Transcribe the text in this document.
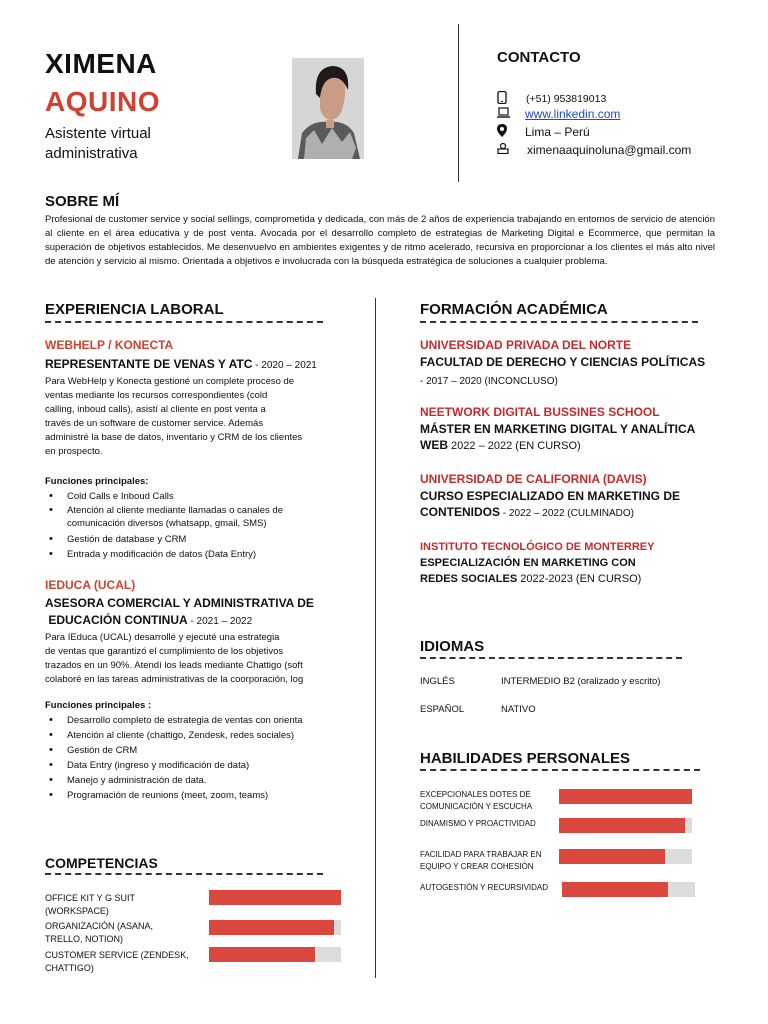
XIMENA
AQUINO
Asistente virtual
administrativa
CONTACTO
(+51) 953819013
www.linkedin.com
Lima – Perú
ximenaaquinoluna@gmail.com
SOBRE MÍ
Profesional de customer service y social sellings, comprometida y dedicada, con más de 2 años de experiencia trabajando en entornos de servicio de atención al cliente en el área educativa y de post venta. Avocada por el desarrollo completo de estrategias de Marketing Digital e Ecommerce, que permitan la superación de objetivos establecidos. Me desenvuelvo en ambientes exigentes y de ritmo acelerado, recursiva en proporcionar a los clientes el más alto nivel de atención y servicio al mismo. Orientada a objetivos e involucrada con la búsqueda estratégica de soluciones a cualquier problema.
EXPERIENCIA LABORAL
WEBHELP / KONECTA
REPRESENTANTE DE VENAS Y ATC - 2020 – 2021
Para WebHelp y Konecta gestioné un complete proceso de
ventas mediante los recursos correspondientes (cold
calling, inboud calls), asistí al cliente en post venta a
través de un software de customer service. Además
administré la base de datos, inventario y CRM de los clientes
en prospecto.
Funciones principales:
• Cold Calls e Inboud Calls
• Atención al cliente mediante llamadas o canales de comunicación diversos (whatsapp, gmail, SMS)
• Gestión de database y CRM
• Entrada y modificación de datos (Data Entry)
IEDUCA (UCAL)
ASESORA COMERCIAL Y ADMINISTRATIVA DE
EDUCACIÓN CONTINUA - 2021 – 2022
Para IEduca (UCAL) desarrollé y ejecuté una estrategia
de ventas que garantizó el cumplimiento de los objetivos
trazados en un 90%. Atendí los leads mediante Chattigo (soft
colaboré en las tareas administrativas de la coorporación, log
Funciones principales :
• Desarrollo completo de estrategia de ventas con orienta
• Atención al cliente (chattigo, Zendesk, redes sociales)
• Gestión de CRM
• Data Entry (ingreso y modificación de data)
• Manejo y administración de data.
• Programación de reunions (meet, zoom, teams)
COMPETENCIAS
OFFICE KIT Y G SUIT
(WORKSPACE)
ORGANIZACIÓN (ASANA,
TRELLO, NOTION)
CUSTOMER SERVICE (ZENDESK,
CHATTIGO)
FORMACIÓN ACADÉMICA
UNIVERSIDAD PRIVADA DEL NORTE
FACULTAD DE DERECHO Y CIENCIAS POLÍTICAS - 2017 – 2020 (INCONCLUSO)
NEETWORK DIGITAL BUSSINES SCHOOL
MÁSTER EN MARKETING DIGITAL Y ANALÍTICA WEB 2022 – 2022 (EN CURSO)
UNIVERSIDAD DE CALIFORNIA (DAVIS)
CURSO ESPECIALIZADO EN MARKETING DE CONTENIDOS - 2022 – 2022 (CULMINADO)
INSTITUTO TECNOLÓGICO DE MONTERREY
ESPECIALIZACIÓN EN MARKETING CON REDES SOCIALES 2022-2023 (EN CURSO)
IDIOMAS
INGLÉS	INTERMEDIO B2 (oralizado y escrito)
ESPAÑOL	NATIVO
HABILIDADES PERSONALES
EXCEPCIONALES DOTES DE
COMUNICACIÓN Y ESCUCHA
DINAMISMO Y PROACTIVIDAD
FACILIDAD PARA TRABAJAR EN
EQUIPO Y CREAR COHESIÓN
AUTOGESTIÓN Y RECURSIVIDAD
